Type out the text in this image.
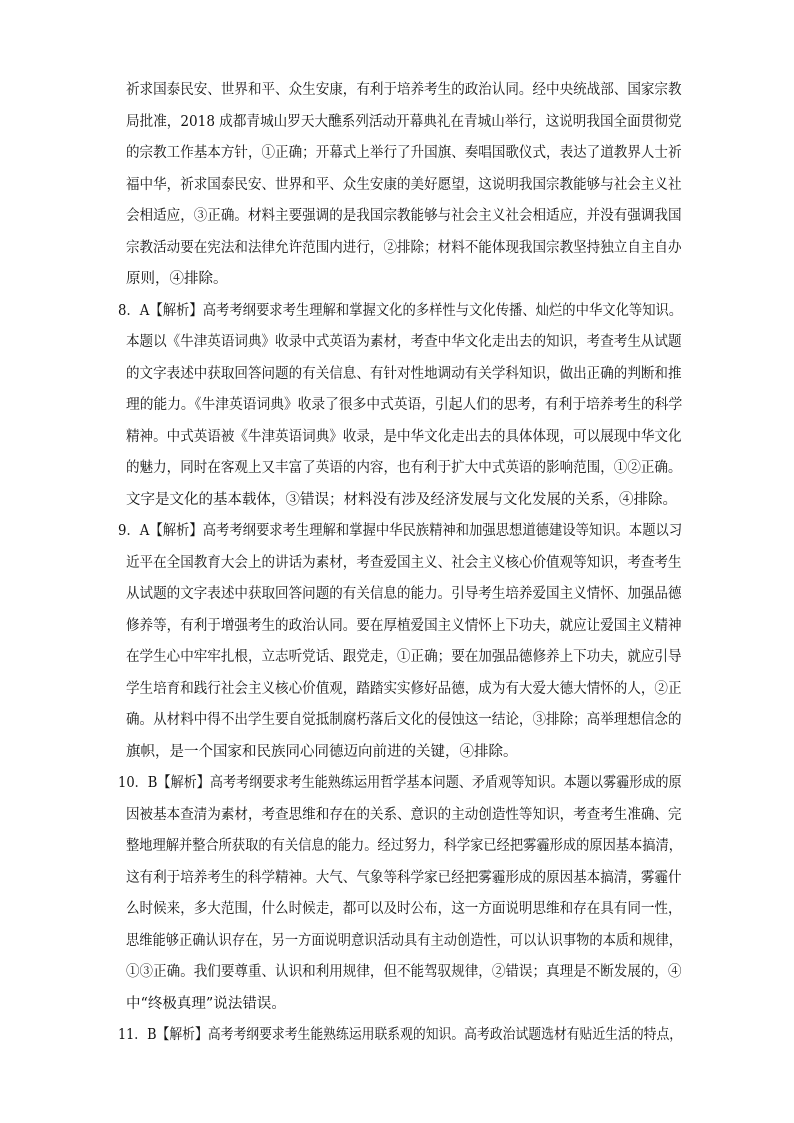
祈求国泰民安、世界和平、众生安康，有利于培养考生的政治认同。经中央统战部、国家宗教
局批准，2018 成都青城山罗天大醮系列活动开幕典礼在青城山举行，这说明我国全面贯彻党
的宗教工作基本方针，①正确；开幕式上举行了升国旗、奏唱国歌仪式，表达了道教界人士祈
福中华，祈求国泰民安、世界和平、众生安康的美好愿望，这说明我国宗教能够与社会主义社
会相适应，③正确。材料主要强调的是我国宗教能够与社会主义社会相适应，并没有强调我国
宗教活动要在宪法和法律允许范围内进行，②排除；材料不能体现我国宗教坚持独立自主自办
原则，④排除。
8．A【解析】高考考纲要求考生理解和掌握文化的多样性与文化传播、灿烂的中华文化等知识。
本题以《牛津英语词典》收录中式英语为素材，考查中华文化走出去的知识，考查考生从试题
的文字表述中获取回答问题的有关信息、有针对性地调动有关学科知识，做出正确的判断和推
理的能力。《牛津英语词典》收录了很多中式英语，引起人们的思考，有利于培养考生的科学
精神。中式英语被《牛津英语词典》收录，是中华文化走出去的具体体现，可以展现中华文化
的魅力，同时在客观上又丰富了英语的内容，也有利于扩大中式英语的影响范围，①②正确。
文字是文化的基本载体，③错误；材料没有涉及经济发展与文化发展的关系，④排除。
9．A【解析】高考考纲要求考生理解和掌握中华民族精神和加强思想道德建设等知识。本题以习
近平在全国教育大会上的讲话为素材，考查爱国主义、社会主义核心价值观等知识，考查考生
从试题的文字表述中获取回答问题的有关信息的能力。引导考生培养爱国主义情怀、加强品德
修养等，有利于增强考生的政治认同。要在厚植爱国主义情怀上下功夫，就应让爱国主义精神
在学生心中牢牢扎根，立志听党话、跟党走，①正确；要在加强品德修养上下功夫，就应引导
学生培育和践行社会主义核心价值观，踏踏实实修好品德，成为有大爱大德大情怀的人，②正
确。从材料中得不出学生要自觉抵制腐朽落后文化的侵蚀这一结论，③排除；高举理想信念的
旗帜，是一个国家和民族同心同德迈向前进的关键，④排除。
10．B【解析】高考考纲要求考生能熟练运用哲学基本问题、矛盾观等知识。本题以雾霾形成的原
因被基本查清为素材，考查思维和存在的关系、意识的主动创造性等知识，考查考生准确、完
整地理解并整合所获取的有关信息的能力。经过努力，科学家已经把雾霾形成的原因基本搞清，
这有利于培养考生的科学精神。大气、气象等科学家已经把雾霾形成的原因基本搞清，雾霾什
么时候来，多大范围，什么时候走，都可以及时公布，这一方面说明思维和存在具有同一性，
思维能够正确认识存在，另一方面说明意识活动具有主动创造性，可以认识事物的本质和规律，
①③正确。我们要尊重、认识和利用规律，但不能驾驭规律，②错误；真理是不断发展的，④
中“终极真理”说法错误。
11．B【解析】高考考纲要求考生能熟练运用联系观的知识。高考政治试题选材有贴近生活的特点，
